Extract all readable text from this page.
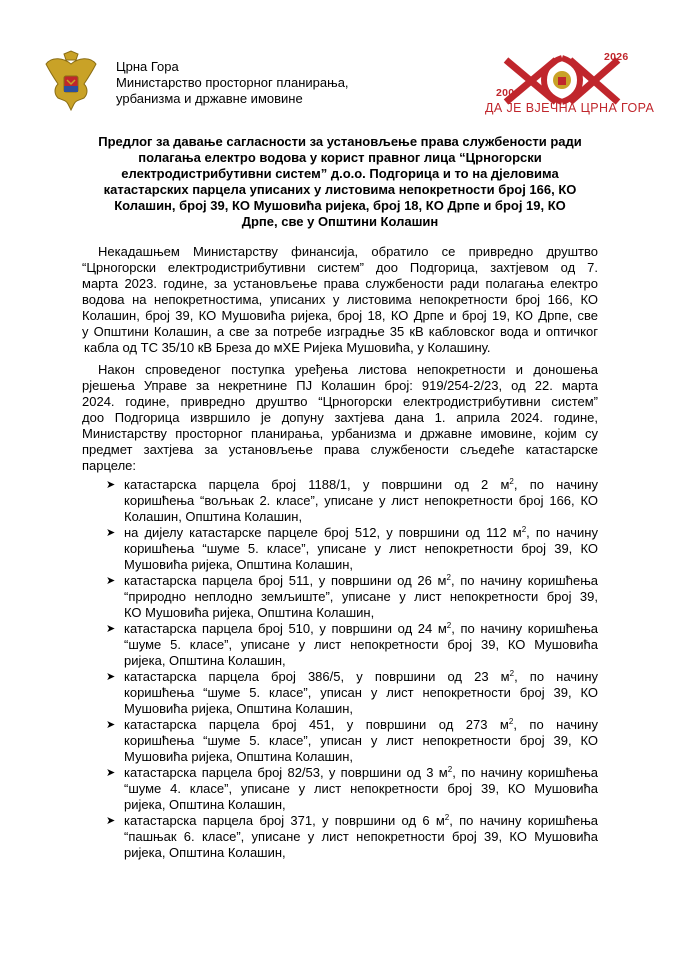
Црна Гора
Министарство просторног планирања,
урбанизма и државне имовине	2006
2026
ДА ЈЕ ВЈЕЧНА ЦРНА ГОРА
Предлог за давање сагласности за установљење права службености ради
полагања електро водова у корист правног лица “Црногорски
електродистрибутивни систем” д.о.о. Подгорица и то на дјеловима
катастарских парцела уписаних у листовима непокретности број 166, КО
Колашин, број 39, КО Мушовића ријека, број 18, КО Дрпе и број 19, КО
Дрпе, све у Општини Колашин
Некадашњем Министарству финансија, обратило се привредно друштво
“Црногорски електродистрибутивни систем” доо Подгорица, захтјевом од 7.
марта 2023. године, за установљење права службености ради полагања електро
водова на непокретностима, уписаних у листовима непокретности број 166, КО
Колашин, број 39, КО Мушовића ријека, број 18, КО Дрпе и број 19, КО Дрпе, све
у Општини Колашин, а све за потребе изградње 35 кВ кабловског вода и оптичког
кабла од ТС 35/10 кВ Бреза до мХЕ Ријека Мушовића, у Колашину.
Након спроведеног поступка уређења листова непокретности и доношења
рјешења Управе за некретнине ПЈ Колашин број: 919/254-2/23, од 22. марта
2024. године, привредно друштво “Црногорски електродистрибутивни систем”
доо Подгорица извршило је допуну захтјева дана 1. априла 2024. године,
Министарству просторног планирања, урбанизма и државне имовине, којим су
предмет захтјева за установљење права службености сљедеће катастарске
парцеле:
➤ катастарска парцела број 1188/1, у површини од 2 $м^2$, по начину
коришћења “вољњак 2. класе”, уписане у лист непокретности број 166, КО
Колашин, Општина Колашин,
➤ на дијелу катастарске парцеле број 512, у површини од 112 $м^2$, по начину
коришћења “шуме 5. класе”, уписане у лист непокретности број 39, КО
Мушовића ријека, Општина Колашин,
➤ катастарска парцела број 511, у површини од 26 $м^2$, по начину коришћења
“природно неплодно земљиште”, уписане у лист непокретности број 39,
КО Мушовића ријека, Општина Колашин,
➤ катастарска парцела број 510, у површини од 24 $м^2$, по начину коришћења
“шуме 5. класе”, уписане у лист непокретности број 39, КО Мушовића
ријека, Општина Колашин,
➤ катастарска парцела број 386/5, у површини од 23 $м^2$, по начину
коришћења “шуме 5. класе”, уписан у лист непокретности број 39, КО
Мушовића ријека, Општина Колашин,
➤ катастарска парцела број 451, у површини од 273 $м^2$, по начину
коришћења “шуме 5. класе”, уписан у лист непокретности број 39, КО
Мушовића ријека, Општина Колашин,
➤ катастарска парцела број 82/53, у површини од 3 $м^2$, по начину коришћења
“шуме 4. класе”, уписане у лист непокретности број 39, КО Мушовића
ријека, Општина Колашин,
➤ катастарска парцела број 371, у површини од 6 $м^2$, по начину коришћења
“пашњак 6. класе”, уписане у лист непокретности број 39, КО Мушовића
ријека, Општина Колашин,
